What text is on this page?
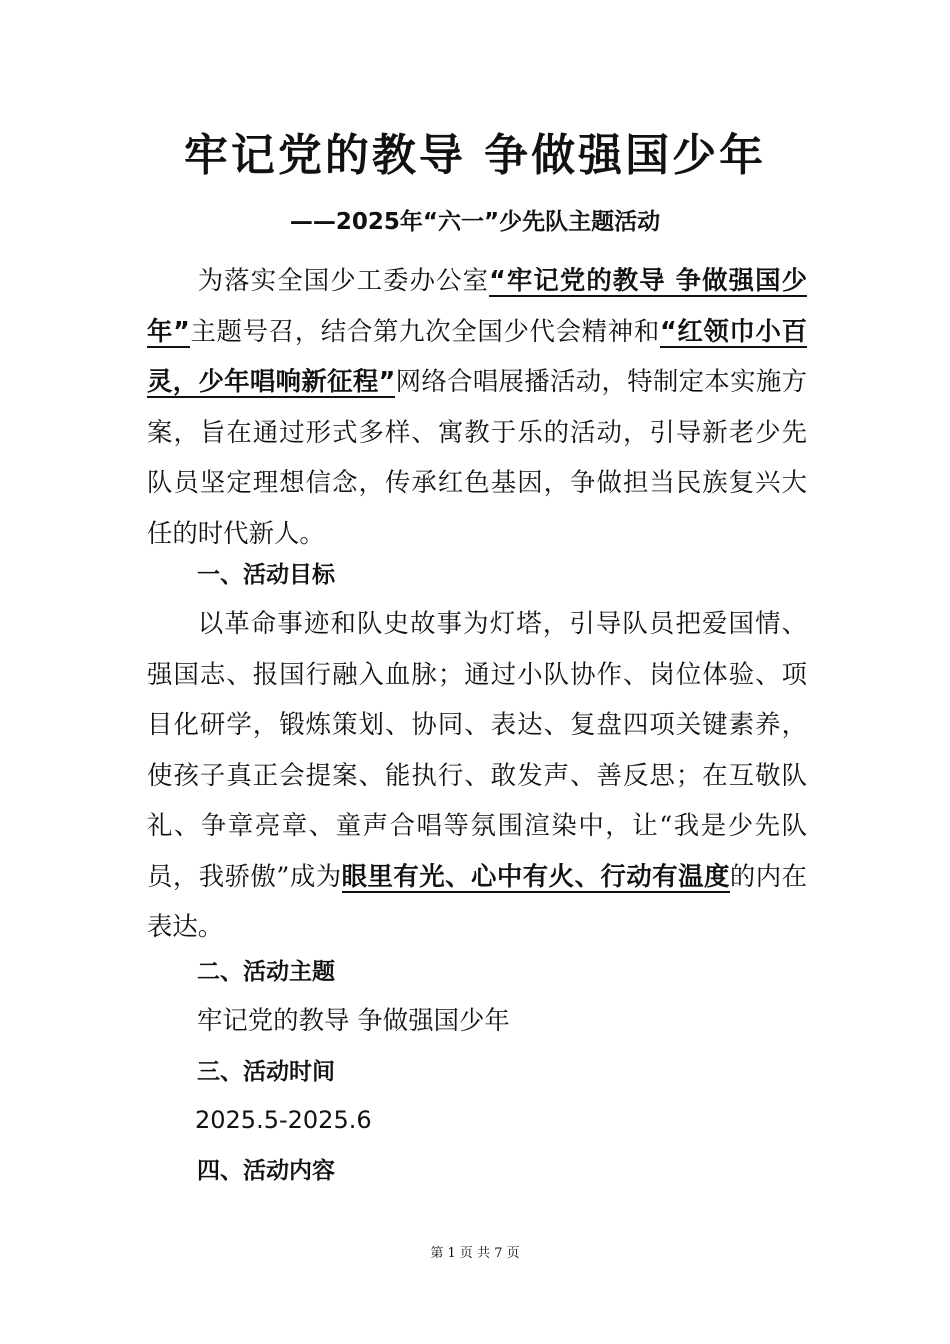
牢记党的教导 争做强国少年
——2025年“六一”少先队主题活动

为落实全国少工委办公室“牢记党的教导 争做强国少年”主题号召，结合第九次全国少代会精神和“红领巾小百灵，少年唱响新征程”网络合唱展播活动，特制定本实施方案，旨在通过形式多样、寓教于乐的活动，引导新老少先队员坚定理想信念，传承红色基因，争做担当民族复兴大任的时代新人。

一、活动目标

以革命事迹和队史故事为灯塔，引导队员把爱国情、强国志、报国行融入血脉；通过小队协作、岗位体验、项目化研学，锻炼策划、协同、表达、复盘四项关键素养，使孩子真正会提案、能执行、敢发声、善反思；在互敬队礼、争章亮章、童声合唱等氛围渲染中，让“我是少先队员，我骄傲”成为眼里有光、心中有火、行动有温度的内在表达。

二、活动主题

牢记党的教导 争做强国少年

三、活动时间

2025.5-2025.6

四、活动内容
第 1 页 共 7 页
